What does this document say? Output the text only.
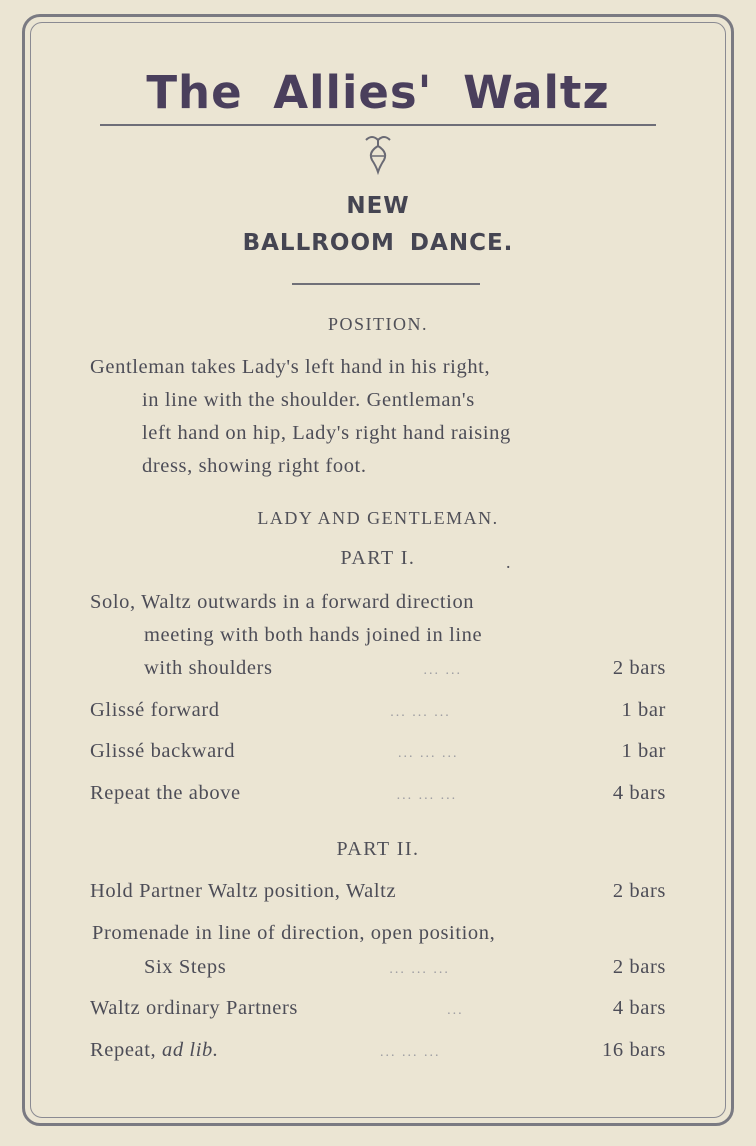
The Allies' Waltz
NEW
BALLROOM DANCE.
POSITION.
Gentleman takes Lady's left hand in his right,
in line with the shoulder. Gentleman's
left hand on hip, Lady's right hand raising
dress, showing right foot.
LADY AND GENTLEMAN.
PART I.	.
Solo, Waltz outwards in a forward direction
meeting with both hands joined in line
with shoulders	... ...	2 bars
Glissé forward	... ... ...	1 bar
Glissé backward	... ... ...	1 bar
Repeat the above	... ... ...	4 bars
PART II.
Hold Partner Waltz position, Waltz	2 bars
Promenade in line of direction, open position,
Six Steps	... ... ...	2 bars
Waltz ordinary Partners	...	4 bars
Repeat, ad lib.	... ... ...	16 bars
